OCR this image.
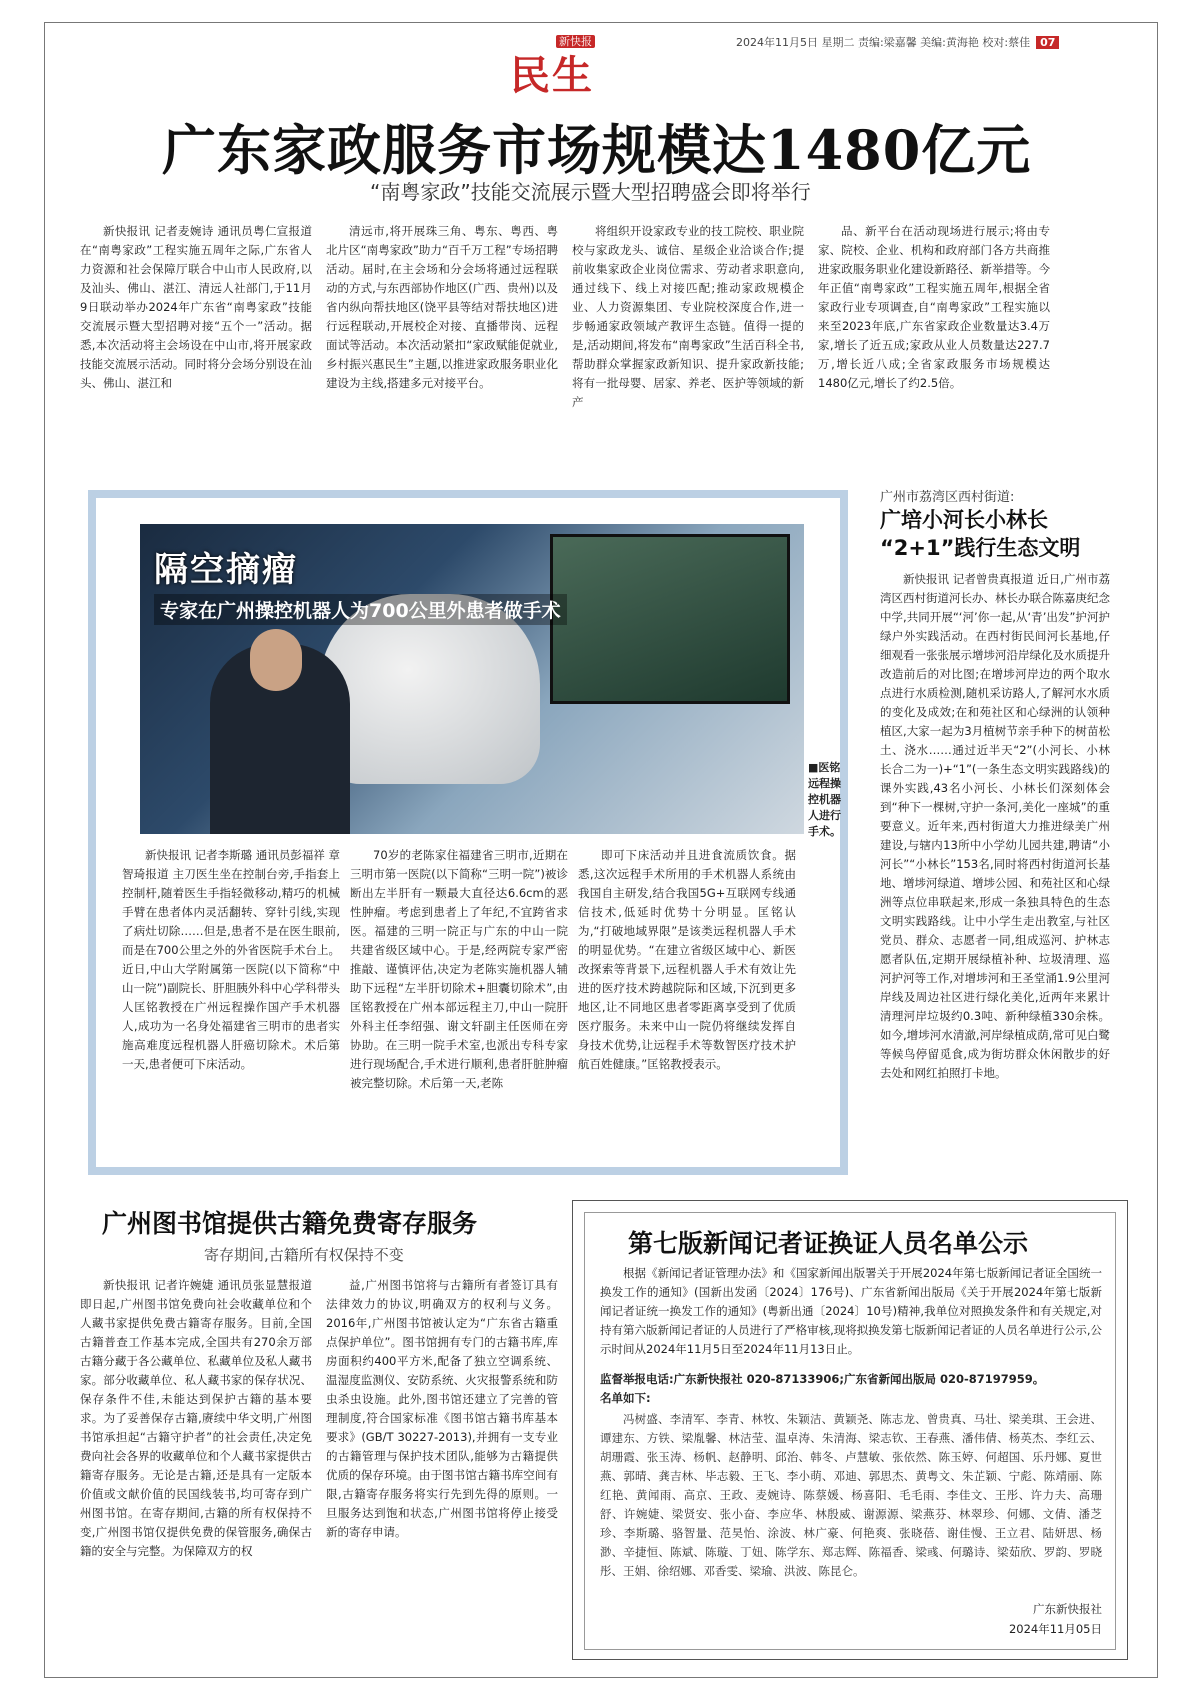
新快报
民生
2024年11月5日 星期二 责编:梁嘉馨 美编:黄海艳 校对:蔡佳 07
广东家政服务市场规模达1480亿元
“南粤家政”技能交流展示暨大型招聘盛会即将举行

新快报讯 记者麦婉诗 通讯员粤仁宣报道 在“南粤家政”工程实施五周年之际,广东省人力资源和社会保障厅联合中山市人民政府,以及汕头、佛山、湛江、清远人社部门,于11月9日联动举办2024年广东省“南粤家政”技能交流展示暨大型招聘对接“五个一”活动。据悉,本次活动将主会场设在中山市,将开展家政技能交流展示活动。同时将分会场分别设在汕头、佛山、湛江和

清远市,将开展珠三角、粤东、粤西、粤北片区“南粤家政”助力“百千万工程”专场招聘活动。届时,在主会场和分会场将通过远程联动的方式,与东西部协作地区(广西、贵州)以及省内纵向帮扶地区(饶平县等结对帮扶地区)进行远程联动,开展校企对接、直播带岗、远程面试等活动。本次活动紧扣“家政赋能促就业,乡村振兴惠民生”主题,以推进家政服务职业化建设为主线,搭建多元对接平台。

将组织开设家政专业的技工院校、职业院校与家政龙头、诚信、星级企业洽谈合作;提前收集家政企业岗位需求、劳动者求职意向,通过线下、线上对接匹配;推动家政规模企业、人力资源集团、专业院校深度合作,进一步畅通家政领域产教评生态链。值得一提的是,活动期间,将发布“南粤家政”生活百科全书,帮助群众掌握家政新知识、提升家政新技能;将有一批母婴、居家、养老、医护等领域的新产

品、新平台在活动现场进行展示;将由专家、院校、企业、机构和政府部门各方共商推进家政服务职业化建设新路径、新举措等。今年正值“南粤家政”工程实施五周年,根据全省家政行业专项调查,自“南粤家政”工程实施以来至2023年底,广东省家政企业数量达3.4万家,增长了近五成;家政从业人员数量达227.7万,增长近八成;全省家政服务市场规模达1480亿元,增长了约2.5倍。

隔空摘瘤
专家在广州操控机器人为700公里外患者做手术
■医铭远程操控机器人进行手术。

新快报讯 记者李斯璐 通讯员彭福祥 章智琦报道 主刀医生坐在控制台旁,手指套上控制杆,随着医生手指轻微移动,精巧的机械手臂在患者体内灵活翻转、穿针引线,实现了病灶切除……但是,患者不是在医生眼前,而是在700公里之外的外省医院手术台上。近日,中山大学附属第一医院(以下简称“中山一院”)副院长、肝胆胰外科中心学科带头人匡铭教授在广州远程操作国产手术机器人,成功为一名身处福建省三明市的患者实施高难度远程机器人肝癌切除术。术后第一天,患者便可下床活动。

70岁的老陈家住福建省三明市,近期在三明市第一医院(以下简称“三明一院”)被诊断出左半肝有一颗最大直径达6.6cm的恶性肿瘤。考虑到患者上了年纪,不宜跨省求医。福建的三明一院正与广东的中山一院共建省级区域中心。于是,经两院专家严密推敲、谨慎评估,决定为老陈实施机器人辅助下远程“左半肝切除术+胆囊切除术”,由匡铭教授在广州本部远程主刀,中山一院肝外科主任李绍强、谢文轩副主任医师在旁协助。在三明一院手术室,也派出专科专家进行现场配合,手术进行顺利,患者肝脏肿瘤被完整切除。术后第一天,老陈

即可下床活动并且进食流质饮食。据悉,这次远程手术所用的手术机器人系统由我国自主研发,结合我国5G+互联网专线通信技术,低延时优势十分明显。匡铭认为,“打破地域界限”是该类远程机器人手术的明显优势。“在建立省级区域中心、新医改探索等背景下,远程机器人手术有效让先进的医疗技术跨越院际和区域,下沉到更多地区,让不同地区患者零距离享受到了优质医疗服务。未来中山一院仍将继续发挥自身技术优势,让远程手术等数智医疗技术护航百姓健康。”匡铭教授表示。

广州市荔湾区西村街道:
广培小河长小林长
“2+1”践行生态文明

新快报讯 记者曾贵真报道 近日,广州市荔湾区西村街道河长办、林长办联合陈嘉庚纪念中学,共同开展“‘河’你一起,从‘青’出发”护河护绿户外实践活动。在西村街民间河长基地,仔细观看一张张展示增埗河沿岸绿化及水质提升改造前后的对比图;在增埗河岸边的两个取水点进行水质检测,随机采访路人,了解河水水质的变化及成效;在和苑社区和心绿洲的认领种植区,大家一起为3月植树节亲手种下的树苗松土、浇水……通过近半天“2”(小河长、小林长合二为一)+“1”(一条生态文明实践路线)的课外实践,43名小河长、小林长们深刻体会到“种下一棵树,守护一条河,美化一座城”的重要意义。近年来,西村街道大力推进绿美广州建设,与辖内13所中小学幼儿园共建,聘请“小河长”“小林长”153名,同时将西村街道河长基地、增埗河绿道、增埗公园、和苑社区和心绿洲等点位串联起来,形成一条独具特色的生态文明实践路线。让中小学生走出教室,与社区党员、群众、志愿者一同,组成巡河、护林志愿者队伍,定期开展绿植补种、垃圾清理、巡河护河等工作,对增埗河和王圣堂涌1.9公里河岸线及周边社区进行绿化美化,近两年来累计清理河岸垃圾约0.3吨、新种绿植330余株。如今,增埗河水清澈,河岸绿植成荫,常可见白鹭等候鸟停留觅食,成为街坊群众休闲散步的好去处和网红拍照打卡地。

广州图书馆提供古籍免费寄存服务
寄存期间,古籍所有权保持不变

新快报讯 记者许婉婕 通讯员张显慧报道 即日起,广州图书馆免费向社会收藏单位和个人藏书家提供免费古籍寄存服务。目前,全国古籍普查工作基本完成,全国共有270余万部古籍分藏于各公藏单位、私藏单位及私人藏书家。部分收藏单位、私人藏书家的保存状况、保存条件不佳,未能达到保护古籍的基本要求。为了妥善保存古籍,赓续中华文明,广州图书馆承担起“古籍守护者”的社会责任,决定免费向社会各界的收藏单位和个人藏书家提供古籍寄存服务。无论是古籍,还是具有一定版本价值或文献价值的民国线装书,均可寄存到广州图书馆。在寄存期间,古籍的所有权保持不变,广州图书馆仅提供免费的保管服务,确保古籍的安全与完整。为保障双方的权

益,广州图书馆将与古籍所有者签订具有法律效力的协议,明确双方的权利与义务。2016年,广州图书馆被认定为“广东省古籍重点保护单位”。图书馆拥有专门的古籍书库,库房面积约400平方米,配备了独立空调系统、温湿度监测仪、安防系统、火灾报警系统和防虫杀虫设施。此外,图书馆还建立了完善的管理制度,符合国家标准《图书馆古籍书库基本要求》(GB/T 30227-2013),并拥有一支专业的古籍管理与保护技术团队,能够为古籍提供优质的保存环境。由于图书馆古籍书库空间有限,古籍寄存服务将实行先到先得的原则。一旦服务达到饱和状态,广州图书馆将停止接受新的寄存申请。

第七版新闻记者证换证人员名单公示

根据《新闻记者证管理办法》和《国家新闻出版署关于开展2024年第七版新闻记者证全国统一换发工作的通知》(国新出发函〔2024〕176号)、广东省新闻出版局《关于开展2024年第七版新闻记者证统一换发工作的通知》(粤新出通〔2024〕10号)精神,我单位对照换发条件和有关规定,对持有第六版新闻记者证的人员进行了严格审核,现将拟换发第七版新闻记者证的人员名单进行公示,公示时间从2024年11月5日至2024年11月13日止。

监督举报电话:广东新快报社 020-87133906;广东省新闻出版局 020-87197959。
名单如下:
冯树盛、李清军、李青、林牧、朱颖洁、黄颖尧、陈志龙、曾贵真、马壮、梁美琪、王会进、谭建东、方铁、梁胤馨、林洁莹、温卓涛、朱清海、梁志钦、王春燕、潘伟倩、杨英杰、李红云、胡珊霞、张玉涛、杨帆、赵静明、邱治、韩冬、卢慧敏、张依然、陈玉婷、何超国、乐丹娜、夏世燕、郭晴、龚吉林、毕志毅、王飞、李小萌、邓迪、郭思杰、黄粤文、朱芷颖、宁彪、陈靖丽、陈红艳、黄闻雨、高京、王政、麦婉诗、陈蔡媛、杨喜阳、毛毛雨、李佳文、王彤、许力夫、高珊舒、许婉婕、梁贤安、张小奋、李应华、林殷威、谢源源、梁燕芬、林翠珍、何娜、文倩、潘芝珍、李斯璐、骆智量、范昊怡、涂波、林广豪、何艳爽、张晓蓓、谢佳慢、王立君、陆妍思、杨渺、辛捷恒、陈斌、陈璇、丁妞、陈学东、郑志辉、陈福香、梁彧、何璐诗、梁茹欣、罗韵、罗晓彤、王娟、徐绍娜、邓香雯、梁瑜、洪波、陈昆仑。
广东新快报社
2024年11月05日
